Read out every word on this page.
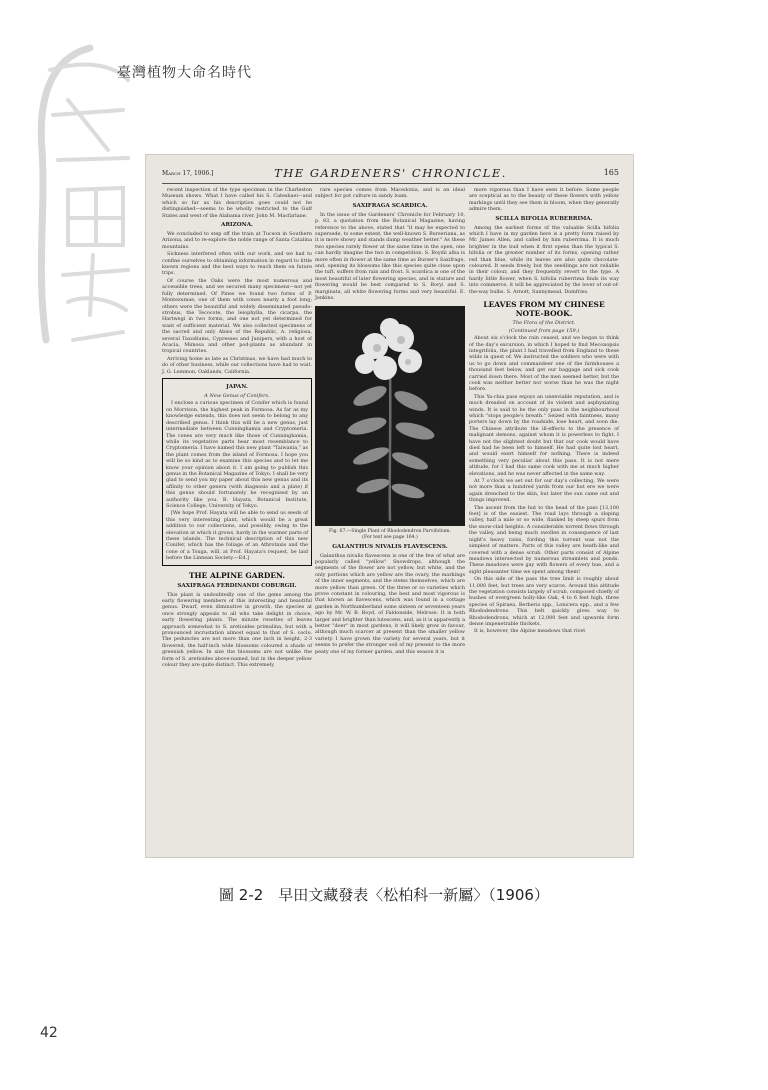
臺灣植物大命名時代
March 17, 1906.]	THE GARDENERS' CHRONICLE.	165

recent inspection of the type specimen in the Charleston Museum shows. What I have called his S. Catesbaei—and which so far as his description goes could not be distinguished—seems to be wholly restricted to the Gulf States and west of the Alabama river. John M. Macfarlane.

ARIZONA.

We concluded to step off the train at Tucson in Southern Arizona, and to re-explore the noble range of Santa Catalina mountains.

Sickness interfered often with our work, and we had to confine ourselves to obtaining information in regard to little known regions and the best ways to reach them on future trips.

Of course the Oaks were the most numerous and accessible trees, and we secured many specimens—not yet fully determined. Of Pines we found two forms of P. Montezumae, one of them with cones nearly a foot long; others were the beautiful and widely disseminated pseudo-strobus, the Tecocote, the leiophylla, the cicarpa, the Hartwegi in two forms, and one not yet determined for want of sufficient material. We also collected specimens of the sacred and only Abies of the Republic, A. religiosa, several Taxodiums, Cypresses and Junipers, with a host of Acacia, Mimosa and other pod-plants as abundant in tropical countries.

Arriving home as late as Christmas, we have had much to do of other business, while our collections have had to wait. J. G. Lemmon, Oaklands, California.

JAPAN.
A New Genus of Conifers.

I enclose a curious specimen of Conifer which is found on Morrison, the highest peak in Formosa. As far as my knowledge extends, this does not seem to belong to any described genus. I think this will be a new genus, just intermediate between Cunninghamia and Cryptomeria. The cones are very much like those of Cunninghamia, while its vegetative parts bear most resemblance to Cryptomeria. I have named this new plant "Taiwania," as the plant comes from the island of Formosa. I hope you will be so kind as to examine this species and to let me know your opinion about it. I am going to publish this genus in the Botanical Magazine of Tokyo. I shall be very glad to send you my paper about this new genus and its affinity to other genera (with diagnosis and a plate) if this genus should fortunately be recognised by an authority like you. B. Hayata, Botanical Institute, Science College, University of Tokyo.

[We hope Prof. Hayata will be able to send us seeds of this very interesting plant, which would be a great addition to our collections, and possibly, owing to the elevation at which it grows, hardy in the warmer parts of these islands. The technical description of this new Conifer, which has the foliage of an Athrotaxis and the cone of a Tsuga, will, at Prof. Hayata's request, be laid before the Linnean Society.—Ed.]

THE ALPINE GARDEN.
SAXIFRAGA FERDINANDI COBURGII.

This plant is undoubtedly one of the gems among the early flowering members of this interesting and beautiful genus. Dwarf, even diminutive in growth, the species at once strongly appeals to all who take delight in choice, early flowering plants. The minute rosettes of leaves approach somewhat to S. aretioides primulina, but with a pronounced incrustation almost equal to that of S. coclo. The peduncles are not more than one inch in height, 2-3 flowered, the half-inch wide blossoms coloured a shade of greenish yellow. In size the blossoms are not unlike the form of S. aretioides above-named, but in the deeper yellow colour they are quite distinct. This extremely

rare species comes from Macedonia, and is an ideal subject for pot culture in sandy loam.

SAXIFRAGA SCARDICA.

In the issue of the Gardeners' Chronicle for February 10, p. 83, a quotation from the Botanical Magazine, having reference to the above, stated that "it may be expected to supersede, to some extent, the well-known S. Burseriana, as it is more showy and stands damp weather better." As these two species rarely flower at the same time in the open, one can hardly imagine the two in competition. S. Boydii alba is more often in flower at the same time as Burser's Saxifrage, and, opening its blossoms like this species quite close upon the tuft, suffers from rain and frost. S. scardica is one of the most beautiful of later flowering species, and in stature and flowering would be best compared to S. Boryi and S. marginata, all white flowering forms and very beautiful. E. Jenkins.

Fig. 67.—Single Plant of Rhododendron Parvifolium.
(For text see page 164.)
GALANTHUS NIVALIS FLAVESCENS.

Galanthus nivalis flavescens is one of the few of what are popularly called "yellow" Snowdrops, although the segments of the flower are not yellow, but white, and the only portions which are yellow are the ovary, the markings of the inner segments, and the stems themselves, which are more yellow than green. Of the three or so varieties which prove constant in colouring, the best and most vigorous is that known as flavescens, which was found in a cottage garden in Northumberland some sixteen or seventeen years ago by Mr. W. B. Boyd, of Faldonside, Melrose. It is both larger and brighter than lutescens, and, as it is apparently a better "doer" in most gardens, it will likely grow in favour, although much scarcer at present than the smaller yellow variety. I have grown the variety for several years, but it seems to prefer the stronger soil of my present to the more peaty one of my former garden, and this season it is

more vigorous than I have seen it before. Some people are sceptical as to the beauty of these flowers with yellow markings until they see them in bloom, when they generally admire them.

SCILLA BIFOLIA RUBERRIMA.

Among the earliest forms of the valuable Scilla bifolia which I have in my garden here is a pretty form raised by Mr. James Allen, and called by him ruberrima. It is much brighter in the bud when it first opens than the typical S. bifolia or the greater number of its forms, opening rather red than blue, while its leaves are also quite chocolate-coloured. It seeds freely, but the seedlings are not reliable in their colour, and they frequently revert to the type. A hardy little flower, when S. bifolia ruberrima finds its way into commerce, it will be appreciated by the lover of out-of-the-way bulbs. S. Arnott, Sunnymead, Dumfries.

LEAVES FROM MY CHINESE NOTE-BOOK.
The Flora of the District.
(Continued from page 159.)

About six o'clock the rain ceased, and we began to think of the day's excursion, in which I hoped to find Meconopsis integrifolia, the plant I had travelled from England to these wilds in quest of. We instructed the soldiers who were with us to go down and commandeer one of the farmhouses a thousand feet below, and get our baggage and sick cook carried down there. Most of the men seemed better, but the cook was neither better nor worse than he was the night before.

This Ya-chia pass enjoys an unenviable reputation, and is much dreaded on account of its violent and asphyxiating winds. It is said to be the only pass in the neighbourhood which "stops people's breath." Seized with faintness, many porters lay down by the roadside, lose heart, and soon die. The Chinese attribute the ill-effects to the presence of malignant demons, against whom it is powerless to fight. I have not the slightest doubt but that our cook would have died had he been left to himself. He had quite lost heart, and would exert himself for nothing. There is indeed something very peculiar about this pass. It is not mere altitude, for I had this same cook with me at much higher elevations, and he was never affected in the same way.

At 7 o'clock we set out for our day's collecting. We were not more than a hundred yards from our hut ere we were again drenched to the skin, but later the sun came out and things improved.

The ascent from the hut to the head of the pass [13,100 feet] is of the easiest. The road lays through a sloping valley, half a mile or so wide, flanked by steep spurs from the snow-clad heights. A considerable torrent flows through the valley, and being much swollen in consequence of last night's heavy rains, fording this torrent was not the simplest of matters. Parts of this valley are heath-like and covered with a dense scrub. Other parts consist of Alpine meadows intersected by numerous streamlets and ponds. These meadows were gay with flowers of every hue, and a sight pleasanter time we spent among them!

On this side of the pass the tree limit is roughly about 11,000 feet, but trees are very scarce. Around this altitude the vegetation consists largely of scrub, composed chiefly of bushes of evergreen holly-like Oak, 4 to 6 feet high, three species of Spiraea, Berberis spp., Lonicera spp., and a few Rhododendrons. This belt quickly gives way to Rhododendrons, which at 12,000 feet and upwards form dense impenetrable thickets.

It is, however, the Alpine meadows that rivet

圖 2-2　早田文藏發表〈松柏科一新屬〉（1906）
42
